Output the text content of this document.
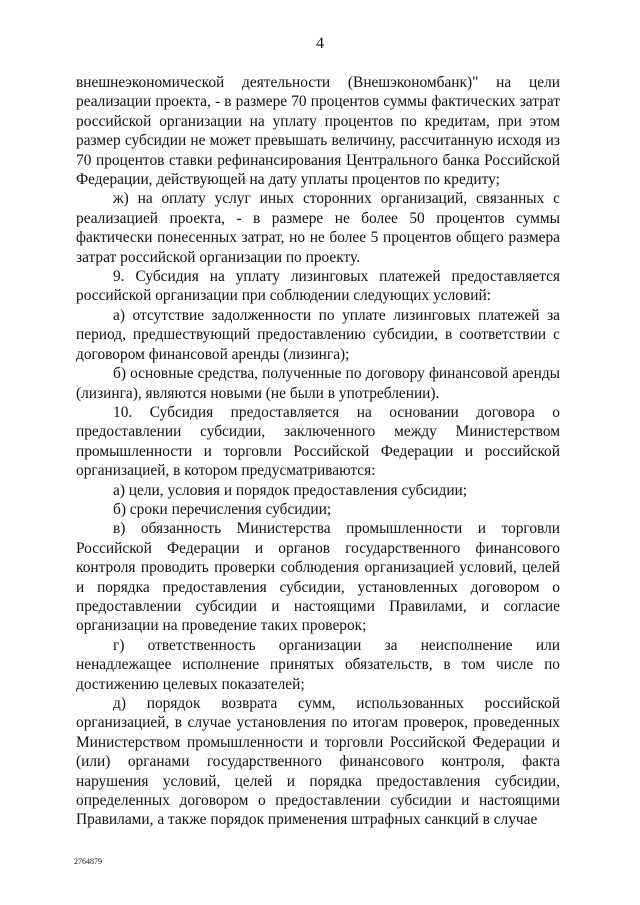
4

внешнеэкономической деятельности (Внешэкономбанк)" на цели реализации проекта, - в размере 70 процентов суммы фактических затрат российской организации на уплату процентов по кредитам, при этом размер субсидии не может превышать величину, рассчитанную исходя из 70 процентов ставки рефинансирования Центрального банка Российской Федерации, действующей на дату уплаты процентов по кредиту;

ж) на оплату услуг иных сторонних организаций, связанных с реализацией проекта, - в размере не более 50 процентов суммы фактически понесенных затрат, но не более 5 процентов общего размера затрат российской организации по проекту.

9. Субсидия на уплату лизинговых платежей предоставляется российской организации при соблюдении следующих условий:

а) отсутствие задолженности по уплате лизинговых платежей за период, предшествующий предоставлению субсидии, в соответствии с договором финансовой аренды (лизинга);

б) основные средства, полученные по договору финансовой аренды (лизинга), являются новыми (не были в употреблении).

10. Субсидия предоставляется на основании договора о предоставлении субсидии, заключенного между Министерством промышленности и торговли Российской Федерации и российской организацией, в котором предусматриваются:

а) цели, условия и порядок предоставления субсидии;

б) сроки перечисления субсидии;

в) обязанность Министерства промышленности и торговли Российской Федерации и органов государственного финансового контроля проводить проверки соблюдения организацией условий, целей и порядка предоставления субсидии, установленных договором о предоставлении субсидии и настоящими Правилами, и согласие организации на проведение таких проверок;

г) ответственность организации за неисполнение или ненадлежащее исполнение принятых обязательств, в том числе по достижению целевых показателей;

д) порядок возврата сумм, использованных российской организацией, в случае установления по итогам проверок, проведенных Министерством промышленности и торговли Российской Федерации и (или) органами государственного финансового контроля, факта нарушения условий, целей и порядка предоставления субсидии, определенных договором о предоставлении субсидии и настоящими Правилами, а также порядок применения штрафных санкций в случае

2764879
